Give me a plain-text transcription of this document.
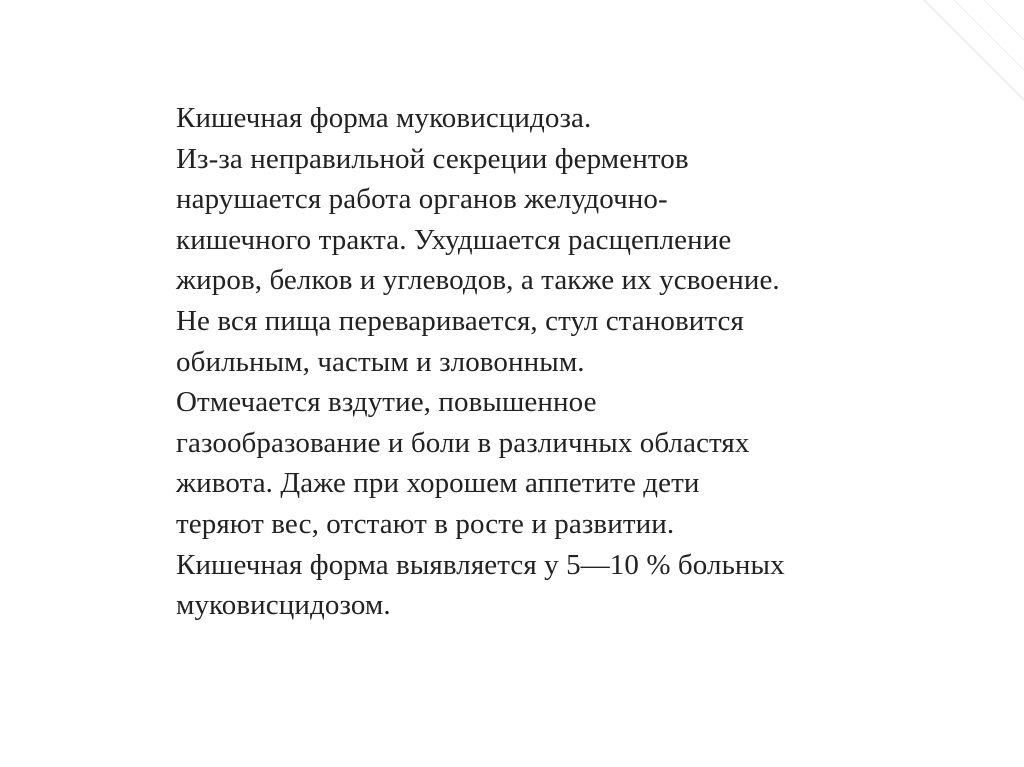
Кишечная форма муковисцидоза.
Из-за неправильной секреции ферментов
нарушается работа органов желудочно-
кишечного тракта. Ухудшается расщепление
жиров, белков и углеводов, а также их усвоение.
Не вся пища переваривается, стул становится
обильным, частым и зловонным.
Отмечается вздутие, повышенное
газообразование и боли в различных областях
живота. Даже при хорошем аппетите дети
теряют вес, отстают в росте и развитии.
Кишечная форма выявляется у 5—10 % больных
муковисцидозом.
